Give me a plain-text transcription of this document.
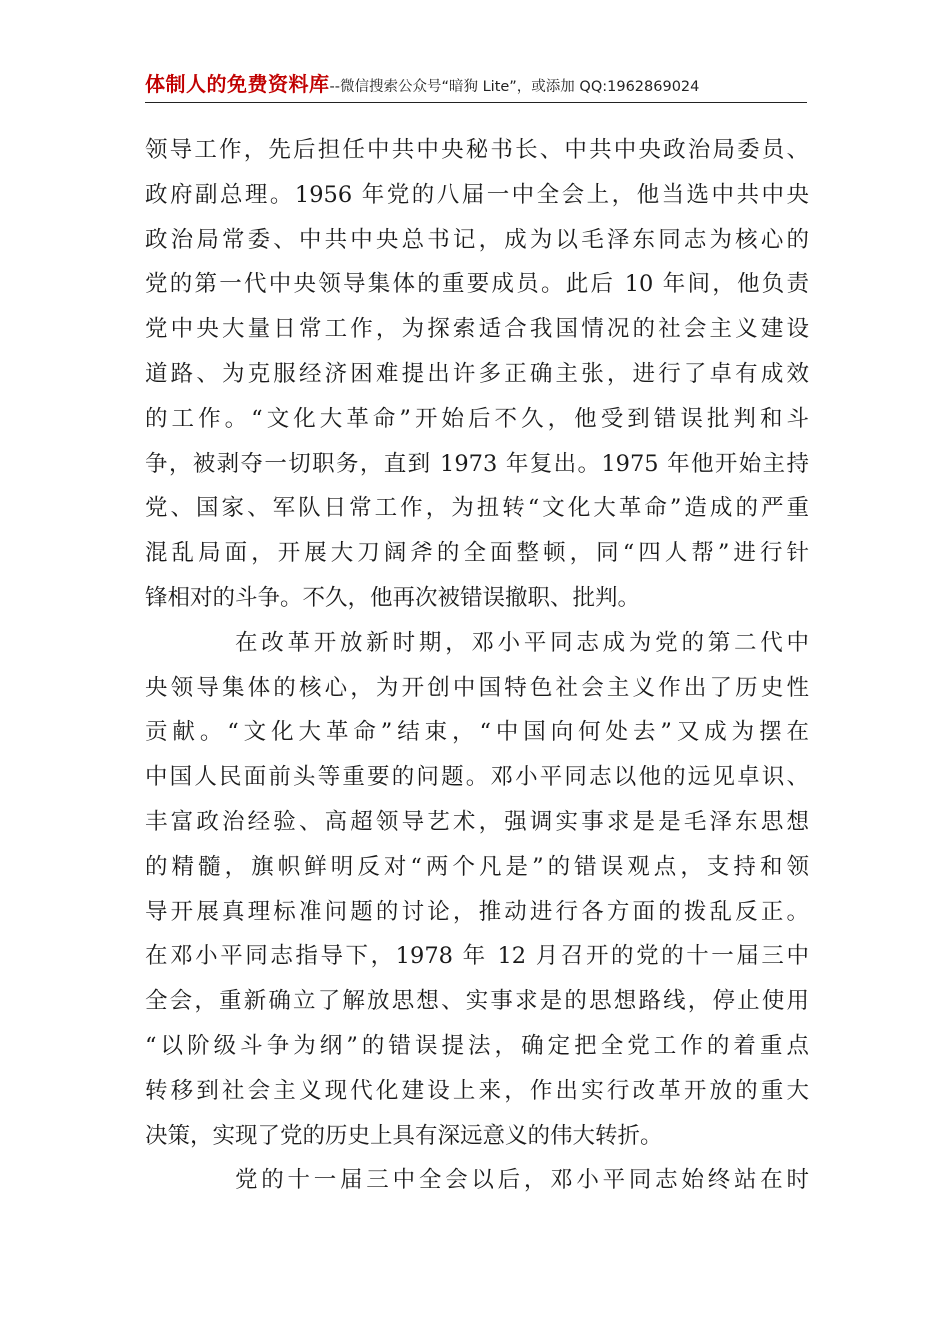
体制人的免费资料库--微信搜索公众号“暗狗 Lite”，或添加 QQ:1962869024
领导工作，先后担任中共中央秘书长、中共中央政治局委员、
政府副总理。1956 年党的八届一中全会上，他当选中共中央
政治局常委、中共中央总书记，成为以毛泽东同志为核心的
党的第一代中央领导集体的重要成员。此后 10 年间，他负责
党中央大量日常工作，为探索适合我国情况的社会主义建设
道路、为克服经济困难提出许多正确主张，进行了卓有成效
的工作。“文化大革命”开始后不久，他受到错误批判和斗
争，被剥夺一切职务，直到 1973 年复出。1975 年他开始主持
党、国家、军队日常工作，为扭转“文化大革命”造成的严重
混乱局面，开展大刀阔斧的全面整顿，同“四人帮”进行针
锋相对的斗争。不久，他再次被错误撤职、批判。
在改革开放新时期，邓小平同志成为党的第二代中
央领导集体的核心，为开创中国特色社会主义作出了历史性
贡献。“文化大革命”结束，“中国向何处去”又成为摆在
中国人民面前头等重要的问题。邓小平同志以他的远见卓识、
丰富政治经验、高超领导艺术，强调实事求是是毛泽东思想
的精髓，旗帜鲜明反对“两个凡是”的错误观点，支持和领
导开展真理标准问题的讨论，推动进行各方面的拨乱反正。
在邓小平同志指导下，1978 年 12 月召开的党的十一届三中
全会，重新确立了解放思想、实事求是的思想路线，停止使用
“以阶级斗争为纲”的错误提法，确定把全党工作的着重点
转移到社会主义现代化建设上来，作出实行改革开放的重大
决策，实现了党的历史上具有深远意义的伟大转折。
党的十一届三中全会以后，邓小平同志始终站在时
